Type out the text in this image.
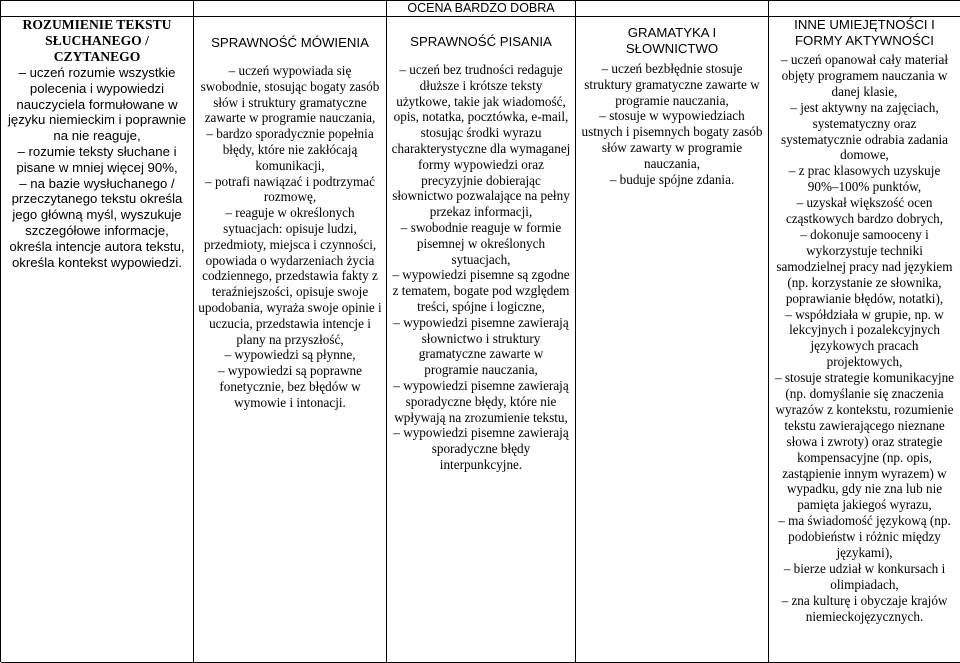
OCENA BARDZO DOBRA
ROZUMIENIE TEKSTU SŁUCHANEGO / CZYTANEGO
– uczeń rozumie wszystkie polecenia i wypowiedzi nauczyciela formułowane w języku niemieckim i poprawnie na nie reaguje,
– rozumie teksty słuchane i pisane w mniej więcej 90%,
– na bazie wysłuchanego / przeczytanego tekstu określa jego główną myśl, wyszukuje szczegółowe informacje, określa intencje autora tekstu, określa kontekst wypowiedzi.
SPRAWNOŚĆ MÓWIENIA
– uczeń wypowiada się swobodnie, stosując bogaty zasób słów i struktury gramatyczne zawarte w programie nauczania,
– bardzo sporadycznie popełnia błędy, które nie zakłócają komunikacji,
– potrafi nawiązać i podtrzymać rozmowę,
– reaguje w określonych sytuacjach: opisuje ludzi, przedmioty, miejsca i czynności, opowiada o wydarzeniach życia codziennego, przedstawia fakty z teraźniejszości, opisuje swoje upodobania, wyraża swoje opinie i uczucia, przedstawia intencje i plany na przyszłość,
– wypowiedzi są płynne,
– wypowiedzi są poprawne fonetycznie, bez błędów w wymowie i intonacji.
SPRAWNOŚĆ PISANIA
– uczeń bez trudności redaguje dłuższe i krótsze teksty użytkowe, takie jak wiadomość, opis, notatka, pocztówka, e-mail, stosując środki wyrazu charakterystyczne dla wymaganej formy wypowiedzi oraz precyzyjnie dobierając słownictwo pozwalające na pełny przekaz informacji,
– swobodnie reaguje w formie pisemnej w określonych sytuacjach,
– wypowiedzi pisemne są zgodne z tematem, bogate pod względem treści, spójne i logiczne,
– wypowiedzi pisemne zawierają słownictwo i struktury gramatyczne zawarte w programie nauczania,
– wypowiedzi pisemne zawierają sporadyczne błędy, które nie wpływają na zrozumienie tekstu,
– wypowiedzi pisemne zawierają sporadyczne błędy interpunkcyjne.
GRAMATYKA I SŁOWNICTWO
– uczeń bezbłędnie stosuje struktury gramatyczne zawarte w programie nauczania,
– stosuje w wypowiedziach ustnych i pisemnych bogaty zasób słów zawarty w programie nauczania,
– buduje spójne zdania.
INNE UMIEJĘTNOŚCI I FORMY AKTYWNOŚCI
– uczeń opanował cały materiał objęty programem nauczania w danej klasie,
– jest aktywny na zajęciach, systematyczny oraz systematycznie odrabia zadania domowe,
– z prac klasowych uzyskuje 90%–100% punktów,
– uzyskał większość ocen cząstkowych bardzo dobrych,
– dokonuje samooceny i wykorzystuje techniki samodzielnej pracy nad językiem (np. korzystanie ze słownika, poprawianie błędów, notatki),
– współdziała w grupie, np. w lekcyjnych i pozalekcyjnych językowych pracach projektowych,
– stosuje strategie komunikacyjne (np. domyślanie się znaczenia wyrazów z kontekstu, rozumienie tekstu zawierającego nieznane słowa i zwroty) oraz strategie kompensacyjne (np. opis, zastąpienie innym wyrazem) w wypadku, gdy nie zna lub nie pamięta jakiegoś wyrazu,
– ma świadomość językową (np. podobieństw i różnic między językami),
– bierze udział w konkursach i olimpiadach,
– zna kulturę i obyczaje krajów niemieckojęzycznych.
